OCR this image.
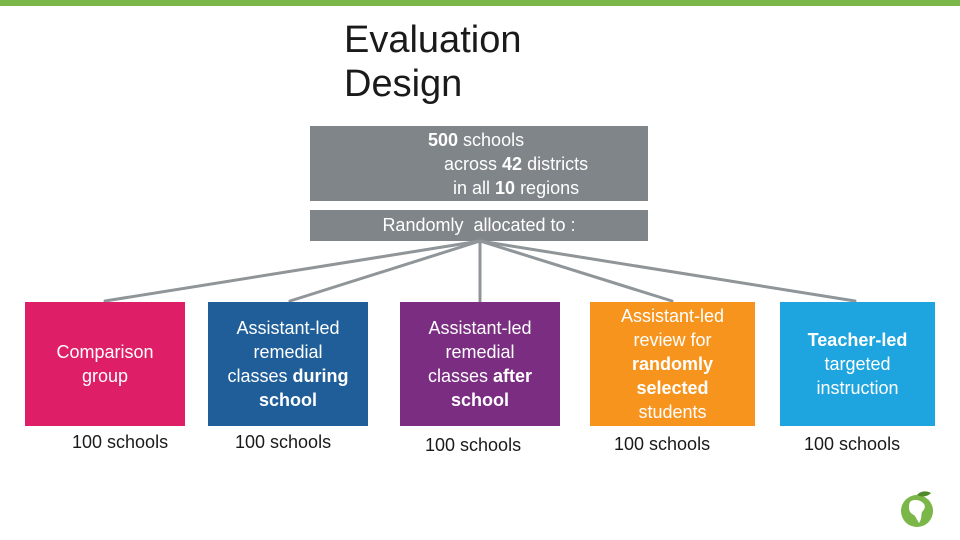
Evaluation
Design
500 schools
across 42 districts
in all 10 regions
Randomly  allocated to :
Comparison
group
Assistant-led
remedial
classes during
school
Assistant-led
remedial
classes after
school
Assistant-led
review for
randomly
selected
students
Teacher-led
targeted
instruction
100 schools	100 schools	100 schools	100 schools	100 schools
